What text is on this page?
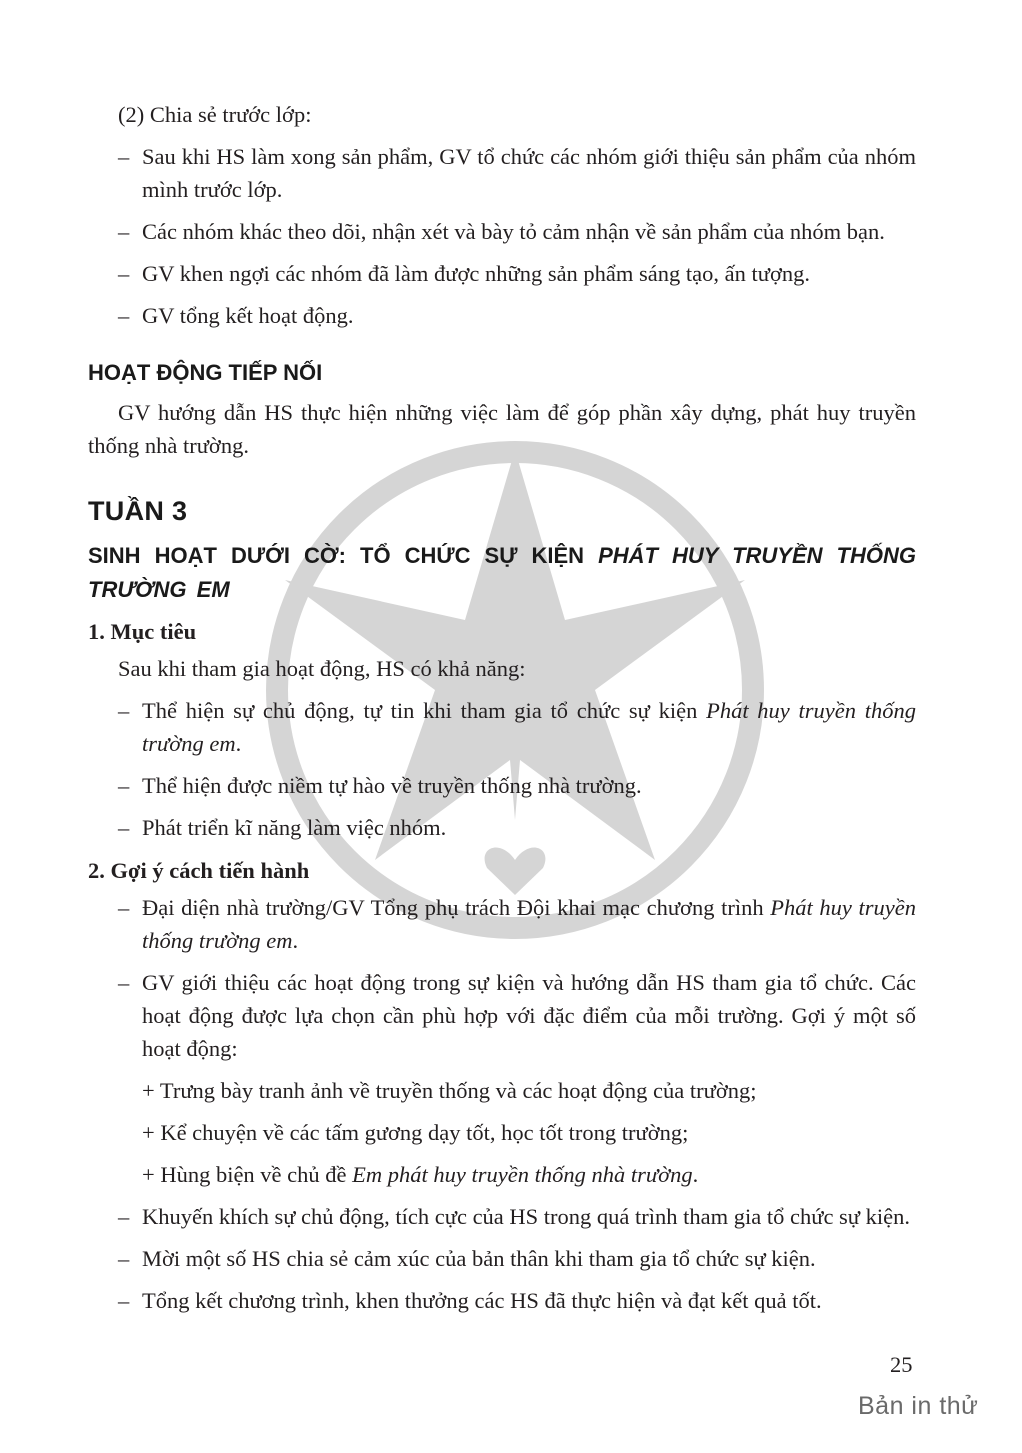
(2) Chia sẻ trước lớp:

– Sau khi HS làm xong sản phẩm, GV tổ chức các nhóm giới thiệu sản phẩm của nhóm mình trước lớp.

– Các nhóm khác theo dõi, nhận xét và bày tỏ cảm nhận về sản phẩm của nhóm bạn.

– GV khen ngợi các nhóm đã làm được những sản phẩm sáng tạo, ấn tượng.

– GV tổng kết hoạt động.

HOẠT ĐỘNG TIẾP NỐI

GV hướng dẫn HS thực hiện những việc làm để góp phần xây dựng, phát huy truyền thống nhà trường.

TUẦN 3
SINH HOẠT DƯỚI CỜ: TỔ CHỨC SỰ KIỆN PHÁT HUY TRUYỀN THỐNG TRƯỜNG EM

1. Mục tiêu

Sau khi tham gia hoạt động, HS có khả năng:

– Thể hiện sự chủ động, tự tin khi tham gia tổ chức sự kiện Phát huy truyền thống trường em.

– Thể hiện được niềm tự hào về truyền thống nhà trường.

– Phát triển kĩ năng làm việc nhóm.

2. Gợi ý cách tiến hành

– Đại diện nhà trường/GV Tổng phụ trách Đội khai mạc chương trình Phát huy truyền thống trường em.

– GV giới thiệu các hoạt động trong sự kiện và hướng dẫn HS tham gia tổ chức. Các hoạt động được lựa chọn cần phù hợp với đặc điểm của mỗi trường. Gợi ý một số hoạt động:

+ Trưng bày tranh ảnh về truyền thống và các hoạt động của trường;

+ Kể chuyện về các tấm gương dạy tốt, học tốt trong trường;

+ Hùng biện về chủ đề Em phát huy truyền thống nhà trường.

– Khuyến khích sự chủ động, tích cực của HS trong quá trình tham gia tổ chức sự kiện.

– Mời một số HS chia sẻ cảm xúc của bản thân khi tham gia tổ chức sự kiện.

– Tổng kết chương trình, khen thưởng các HS đã thực hiện và đạt kết quả tốt.

25
Bản in thử
